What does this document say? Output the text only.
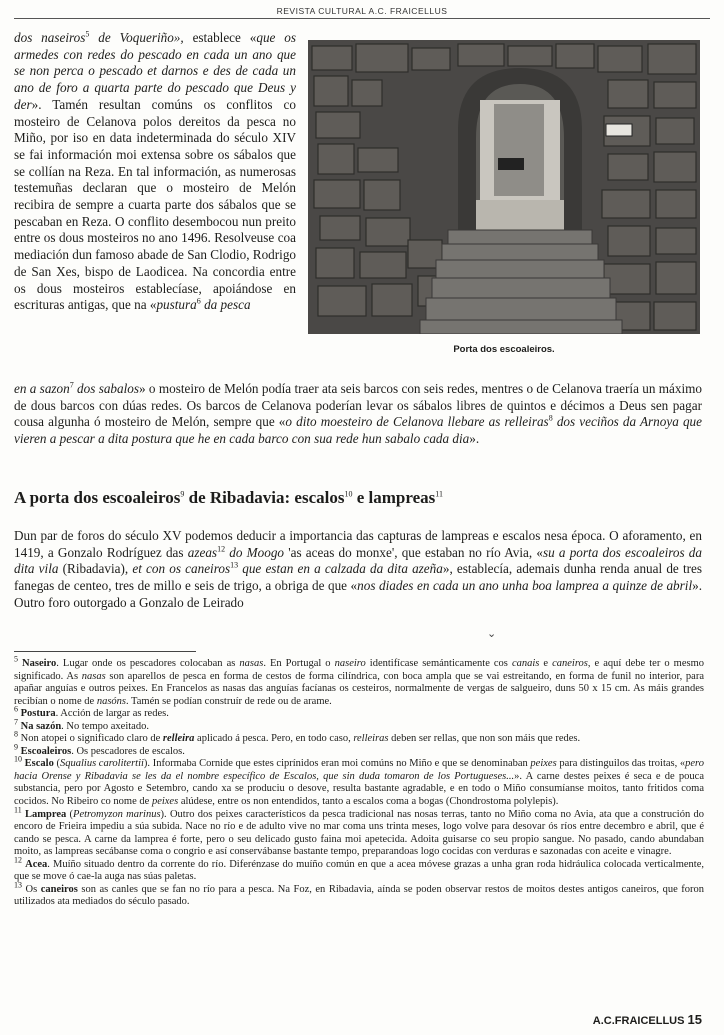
REVISTA CULTURAL A.C. FRAICELLUS
Porta dos escoaleiros.

dos naseiros$^5$ de Voqueriño», establece «que os armedes con redes do pescado en cada un ano que se non perca o pescado et darnos e des de cada un ano de foro a quarta parte do pescado que Deus y der». Tamén resultan comúns os conflitos co mosteiro de Celanova polos dereitos da pesca no Miño, por iso en data indeterminada do século XIV se fai información moi extensa sobre os sábalos que se collían na Reza. En tal información, as numerosas testemuñas declaran que o mosteiro de Melón recibira de sempre a cuarta parte dos sábalos que se pescaban en Reza. O conflito desembocou nun preito entre os dous mosteiros no ano 1496. Resolveuse coa mediación dun famoso abade de San Clodio, Rodrigo de San Xes, bispo de Laodicea. Na concordia entre os dous mosteiros establecíase, apoiándose en escrituras antigas, que na «pustura$^6$ da pesca

en a sazon$^7$ dos sabalos» o mosteiro de Melón podía traer ata seis barcos con seis redes, mentres o de Celanova traería un máximo de dous barcos con dúas redes. Os barcos de Celanova poderían levar os sábalos libres de quintos e décimos a Deus sen pagar cousa algunha ó mosteiro de Melón, sempre que «o dito moesteiro de Celanova llebare as relleiras$^8$ dos veciños da Arnoya que vieren a pescar a dita postura que he en cada barco con sua rede hun sabalo cada dia».

A porta dos escoaleiros$^9$ de Ribadavia: escalos$^{10}$ e lampreas$^{11}$

Dun par de foros do século XV podemos deducir a importancia das capturas de lampreas e escalos nesa época. O aforamento, en 1419, a Gonzalo Rodríguez das azeas$^{12}$ do Moogo 'as aceas do monxe', que estaban no río Avia, «su a porta dos escoaleiros da dita vila (Ribadavia), et con os caneiros$^{13}$ que estan en a calzada da dita azeña», establecía, ademais dunha renda anual de tres fanegas de centeo, tres de millo e seis de trigo, a obriga de que «nos diades en cada un ano unha boa lamprea a quinze de abril». Outro foro outorgado a Gonzalo de Leirado

⌄

$^5$ Naseiro. Lugar onde os pescadores colocaban as nasas. En Portugal o naseiro identifícase semánticamente cos canais e caneiros, e aquí debe ter o mesmo significado. As nasas son aparellos de pesca en forma de cestos de forma cilíndrica, con boca ampla que se vai estreitando, en forma de funil no interior, para apañar anguías e outros peixes. En Francelos as nasas das anguías facíanas os cesteiros, normalmente de vergas de salgueiro, duns 50 x 15 cm. As máis grandes recibían o nome de nasóns. Tamén se podían construír de rede ou de arame.

$^6$ Postura. Acción de largar as redes.

$^7$ Na sazón. No tempo axeitado.

$^8$ Non atopei o significado claro de relleira aplicado á pesca. Pero, en todo caso, relleiras deben ser rellas, que non son máis que redes.

$^9$ Escoaleiros. Os pescadores de escalos.

$^{10}$ Escalo (Squalius carolitertii). Informaba Cornide que estes ciprínidos eran moi comúns no Miño e que se denominaban peixes para distinguilos das troitas, «pero hacia Orense y Ribadavia se les da el nombre específico de Escalos, que sin duda tomaron de los Portugueses...». A carne destes peixes é seca e de pouca substancia, pero por Agosto e Setembro, cando xa se produciu o desove, resulta bastante agradable, e en todo o Miño consumíanse moitos, tanto fritidos coma cocidos. No Ribeiro co nome de peixes alúdese, entre os non entendidos, tanto a escalos coma a bogas (Chondrostoma polylepis).

$^{11}$ Lamprea (Petromyzon marinus). Outro dos peixes característicos da pesca tradicional nas nosas terras, tanto no Miño coma no Avia, ata que a construción do encoro de Frieira impediu a súa subida. Nace no río e de adulto vive no mar coma uns trinta meses, logo volve para desovar ós ríos entre decembro e abril, que é cando se pesca. A carne da lamprea é forte, pero o seu delicado gusto faina moi apetecida. Adoita guisarse co seu propio sangue. No pasado, cando abundaban moito, as lampreas secábanse coma o congrio e así conservábanse bastante tempo, preparandoas logo cocidas con verduras e sazonadas con aceite e vinagre.

$^{12}$ Acea. Muíño situado dentro da corrente do río. Diferénzase do muíño común en que a acea móvese grazas a unha gran roda hidráulica colocada verticalmente, que se move ó cae-la auga nas súas paletas.

$^{13}$ Os caneiros son as canles que se fan no río para a pesca. Na Foz, en Ribadavia, aínda se poden observar restos de moitos destes antigos caneiros, que foron utilizados ata mediados do século pasado.

A.C.FRAICELLUS 15
